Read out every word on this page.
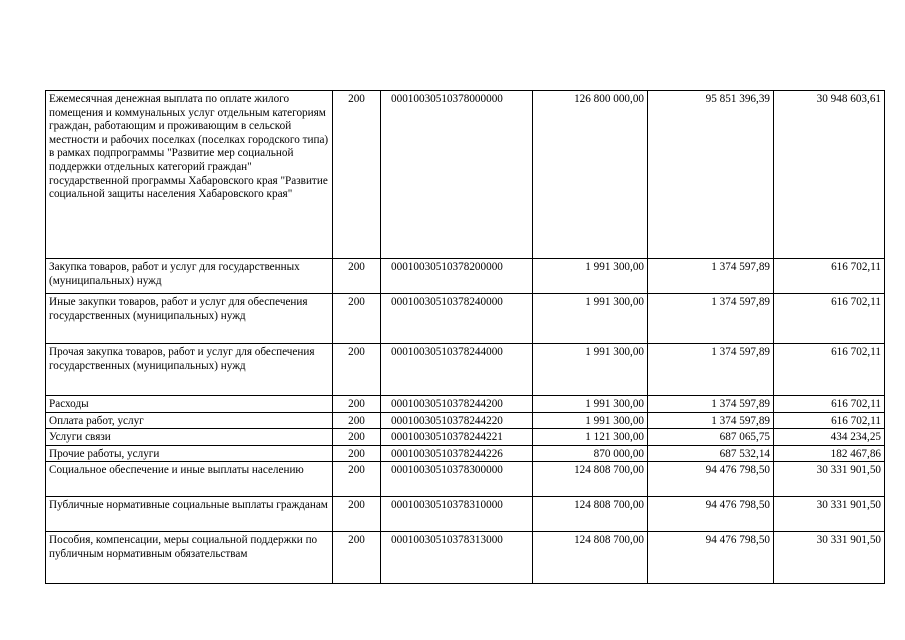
Ежемесячная денежная выплата по оплате жилого помещения и коммунальных услуг отдельным категориям граждан, работающим и проживающим в сельской местности и рабочих поселках (поселках городского типа) в рамках подпрограммы "Развитие мер социальной поддержки отдельных категорий граждан" государственной программы Хабаровского края "Развитие социальной защиты населения Хабаровского края"	200	00010030510378000000	126 800 000,00	95 851 396,39	30 948 603,61
Закупка товаров, работ и услуг для государственных (муниципальных) нужд	200	00010030510378200000	1 991 300,00	1 374 597,89	616 702,11
Иные закупки товаров, работ и услуг для обеспечения государственных (муниципальных) нужд	200	00010030510378240000	1 991 300,00	1 374 597,89	616 702,11
Прочая закупка товаров, работ и услуг для обеспечения государственных (муниципальных) нужд	200	00010030510378244000	1 991 300,00	1 374 597,89	616 702,11
Расходы	200	00010030510378244200	1 991 300,00	1 374 597,89	616 702,11
Оплата работ, услуг	200	00010030510378244220	1 991 300,00	1 374 597,89	616 702,11
Услуги связи	200	00010030510378244221	1 121 300,00	687 065,75	434 234,25
Прочие работы, услуги	200	00010030510378244226	870 000,00	687 532,14	182 467,86
Социальное обеспечение и иные выплаты населению	200	00010030510378300000	124 808 700,00	94 476 798,50	30 331 901,50
Публичные нормативные социальные выплаты гражданам	200	00010030510378310000	124 808 700,00	94 476 798,50	30 331 901,50
Пособия, компенсации, меры социальной поддержки по публичным нормативным обязательствам	200	00010030510378313000	124 808 700,00	94 476 798,50	30 331 901,50
